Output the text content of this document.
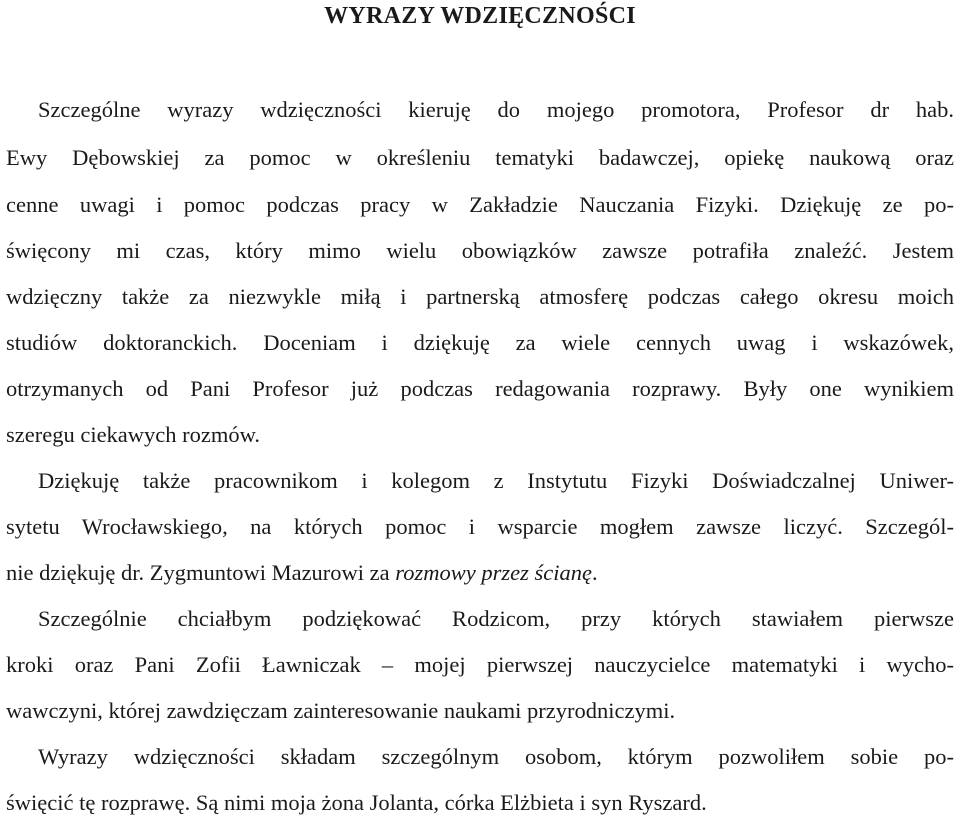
WYRAZY WDZIĘCZNOŚCI
Szczególne wyrazy wdzięczności kieruję do mojego promotora, Profesor dr hab.
Ewy Dębowskiej za pomoc w określeniu tematyki badawczej, opiekę naukową oraz
cenne uwagi i pomoc podczas pracy w Zakładzie Nauczania Fizyki. Dziękuję ze po-
święcony mi czas, który mimo wielu obowiązków zawsze potrafiła znaleźć. Jestem
wdzięczny także za niezwykle miłą i partnerską atmosferę podczas całego okresu moich
studiów doktoranckich. Doceniam i dziękuję za wiele cennych uwag i wskazówek,
otrzymanych od Pani Profesor już podczas redagowania rozprawy. Były one wynikiem
szeregu ciekawych rozmów.
Dziękuję także pracownikom i kolegom z Instytutu Fizyki Doświadczalnej Uniwer-
sytetu Wrocławskiego, na których pomoc i wsparcie mogłem zawsze liczyć. Szczegól-
nie dziękuję dr. Zygmuntowi Mazurowi za rozmowy przez ścianę.
Szczególnie chciałbym podziękować Rodzicom, przy których stawiałem pierwsze
kroki oraz Pani Zofii Ławniczak – mojej pierwszej nauczycielce matematyki i wycho-
wawczyni, której zawdzięczam zainteresowanie naukami przyrodniczymi.
Wyrazy wdzięczności składam szczególnym osobom, którym pozwoliłem sobie po-
święcić tę rozprawę. Są nimi moja żona Jolanta, córka Elżbieta i syn Ryszard.
